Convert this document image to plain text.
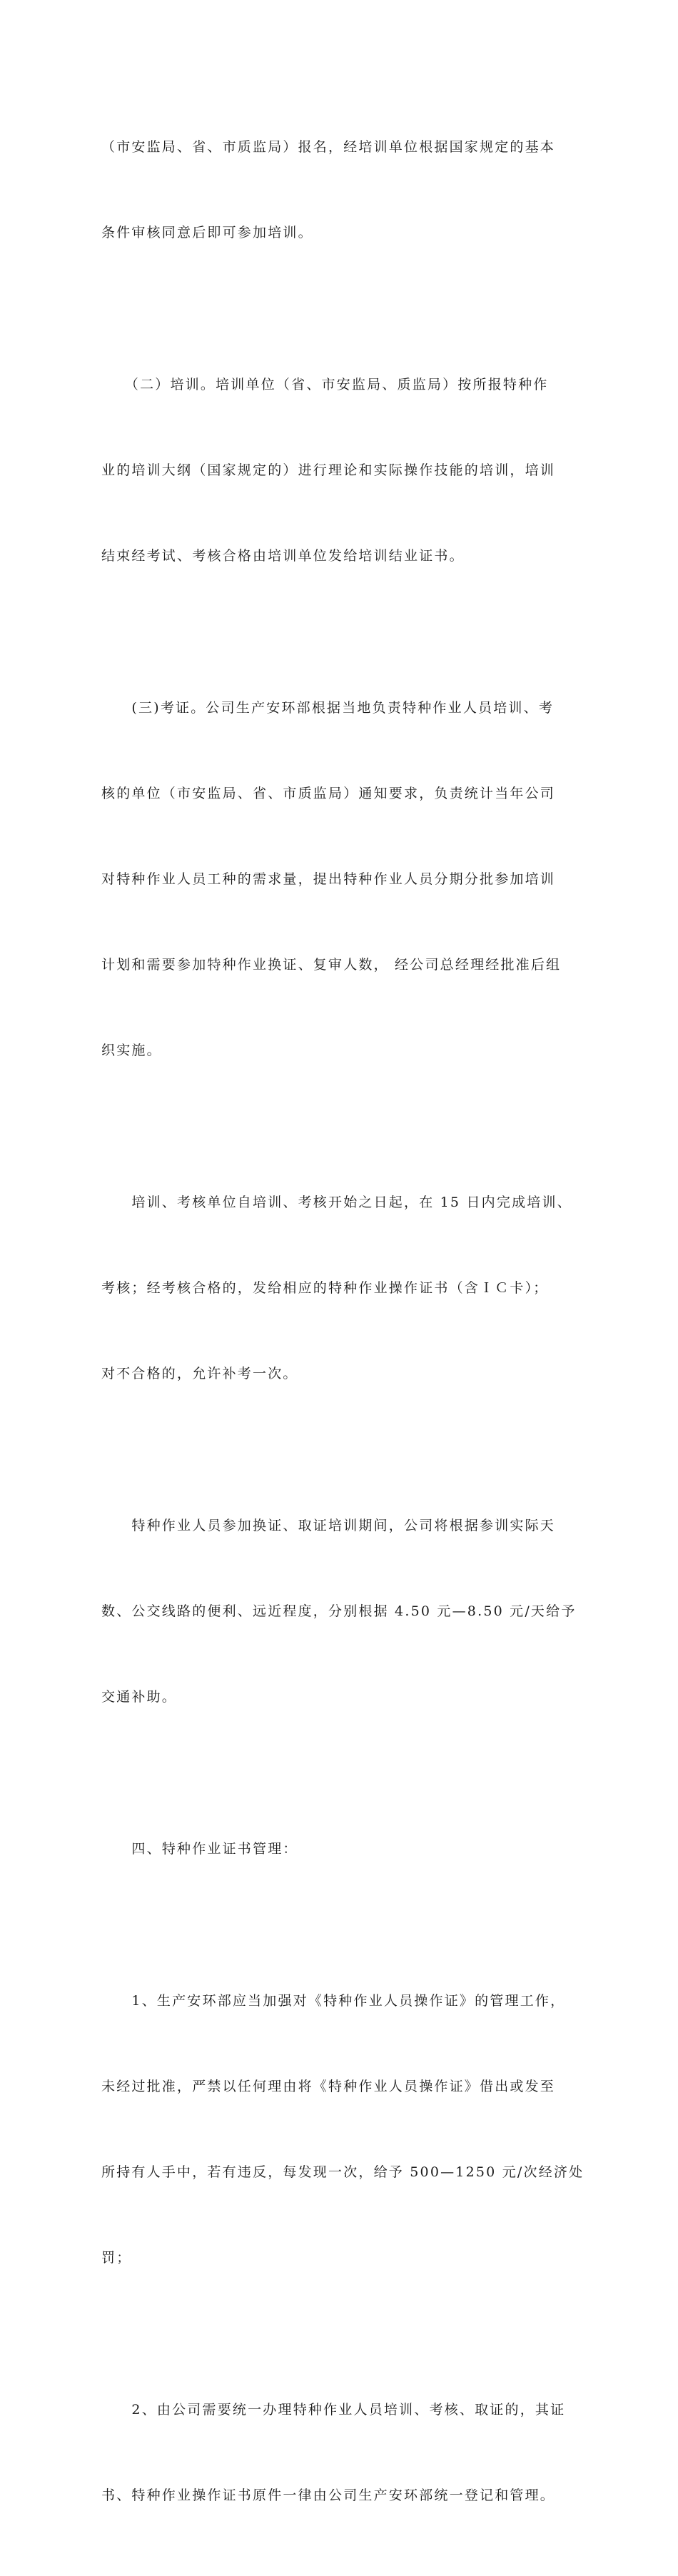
（市安监局、省、市质监局）报名，经培训单位根据国家规定的基本

条件审核同意后即可参加培训。

　　（二）培训。培训单位（省、市安监局、质监局）按所报特种作

业的培训大纲（国家规定的）进行理论和实际操作技能的培训，培训

结束经考试、考核合格由培训单位发给培训结业证书。

　　(三)考证。公司生产安环部根据当地负责特种作业人员培训、考

核的单位（市安监局、省、市质监局）通知要求，负责统计当年公司

对特种作业人员工种的需求量，提出特种作业人员分期分批参加培训

计划和需要参加特种作业换证、复审人数， 经公司总经理经批准后组

织实施。

　　培训、考核单位自培训、考核开始之日起，在 15 日内完成培训、

考核；经考核合格的，发给相应的特种作业操作证书（含ＩＣ卡）；

对不合格的，允许补考一次。

　　特种作业人员参加换证、取证培训期间，公司将根据参训实际天

数、公交线路的便利、远近程度，分别根据 4.50 元—8.50 元/天给予

交通补助。

　　四、特种作业证书管理：

　　1、生产安环部应当加强对《特种作业人员操作证》的管理工作，

未经过批准，严禁以任何理由将《特种作业人员操作证》借出或发至

所持有人手中，若有违反，每发现一次，给予 500—1250 元/次经济处

罚；

　　2、由公司需要统一办理特种作业人员培训、考核、取证的，其证

书、特种作业操作证书原件一律由公司生产安环部统一登记和管理。
